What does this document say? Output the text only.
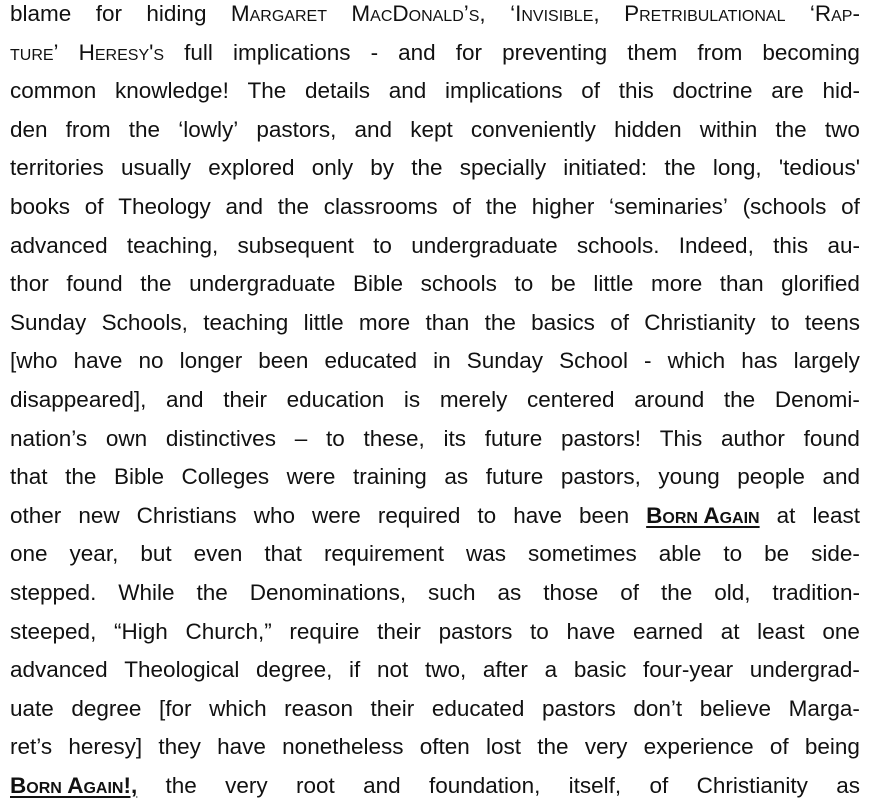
blame for hiding Margaret MacDonald’s, ‘Invisible, Pretribulational ‘Rap-
ture’ Heresy's full implications - and for preventing them from becoming
common knowledge! The details and implications of this doctrine are hid-
den from the ‘lowly’ pastors, and kept conveniently hidden within the two
territories usually explored only by the specially initiated: the long, 'tedious'
books of Theology and the classrooms of the higher ‘seminaries’ (schools of
advanced teaching, subsequent to undergraduate schools. Indeed, this au-
thor found the undergraduate Bible schools to be little more than glorified
Sunday Schools, teaching little more than the basics of Christianity to teens
[who have no longer been educated in Sunday School - which has largely
disappeared], and their education is merely centered around the Denomi-
nation’s own distinctives – to these, its future pastors! This author found
that the Bible Colleges were training as future pastors, young people and
other new Christians who were required to have been Born Again at least
one year, but even that requirement was sometimes able to be side-
stepped. While the Denominations, such as those of the old, tradition-
steeped, “High Church,” require their pastors to have earned at least one
advanced Theological degree, if not two, after a basic four-year undergrad-
uate degree [for which reason their educated pastors don’t believe Marga-
ret’s heresy] they have nonetheless often lost the very experience of being
Born Again!, the very root and foundation, itself, of Christianity as
